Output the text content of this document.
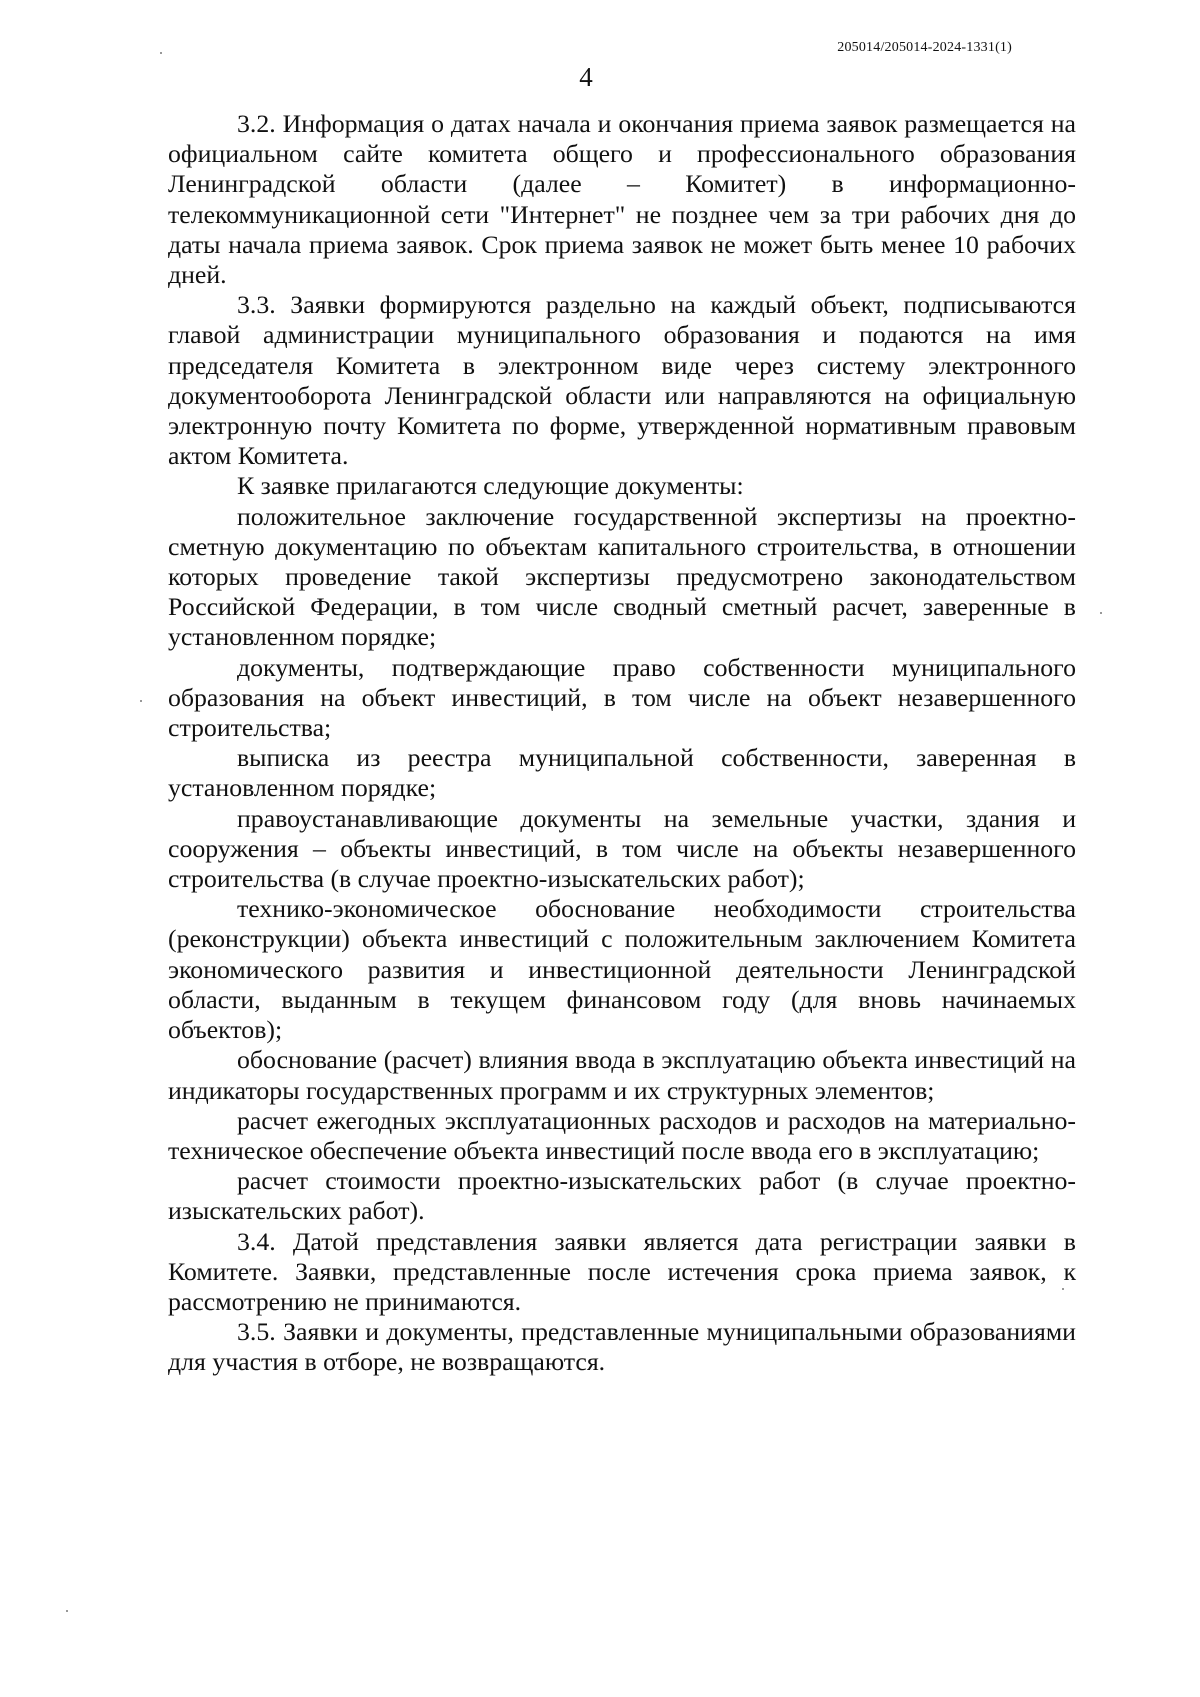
205014/205014-2024-1331(1)
4

3.2. Информация о датах начала и окончания приема заявок размещается на официальном сайте комитета общего и профессионального образования Ленинградской области (далее – Комитет) в информационно-телекоммуникационной сети "Интернет" не позднее чем за три рабочих дня до даты начала приема заявок. Срок приема заявок не может быть менее 10 рабочих дней.

3.3. Заявки формируются раздельно на каждый объект, подписываются главой администрации муниципального образования и подаются на имя председателя Комитета в электронном виде через систему электронного документооборота Ленинградской области или направляются на официальную электронную почту Комитета по форме, утвержденной нормативным правовым актом Комитета.

К заявке прилагаются следующие документы:

положительное заключение государственной экспертизы на проектно-сметную документацию по объектам капитального строительства, в отношении которых проведение такой экспертизы предусмотрено законодательством Российской Федерации, в том числе сводный сметный расчет, заверенные в установленном порядке;

документы, подтверждающие право собственности муниципального образования на объект инвестиций, в том числе на объект незавершенного строительства;

выписка из реестра муниципальной собственности, заверенная в установленном порядке;

правоустанавливающие документы на земельные участки, здания и сооружения – объекты инвестиций, в том числе на объекты незавершенного строительства (в случае проектно-изыскательских работ);

технико-экономическое обоснование необходимости строительства (реконструкции) объекта инвестиций с положительным заключением Комитета экономического развития и инвестиционной деятельности Ленинградской области, выданным в текущем финансовом году (для вновь начинаемых объектов);

обоснование (расчет) влияния ввода в эксплуатацию объекта инвестиций на индикаторы государственных программ и их структурных элементов;

расчет ежегодных эксплуатационных расходов и расходов на материально-техническое обеспечение объекта инвестиций после ввода его в эксплуатацию;

расчет стоимости проектно-изыскательских работ (в случае проектно-изыскательских работ).

3.4. Датой представления заявки является дата регистрации заявки в Комитете. Заявки, представленные после истечения срока приема заявок, к рассмотрению не принимаются.

3.5. Заявки и документы, представленные муниципальными образованиями для участия в отборе, не возвращаются.
